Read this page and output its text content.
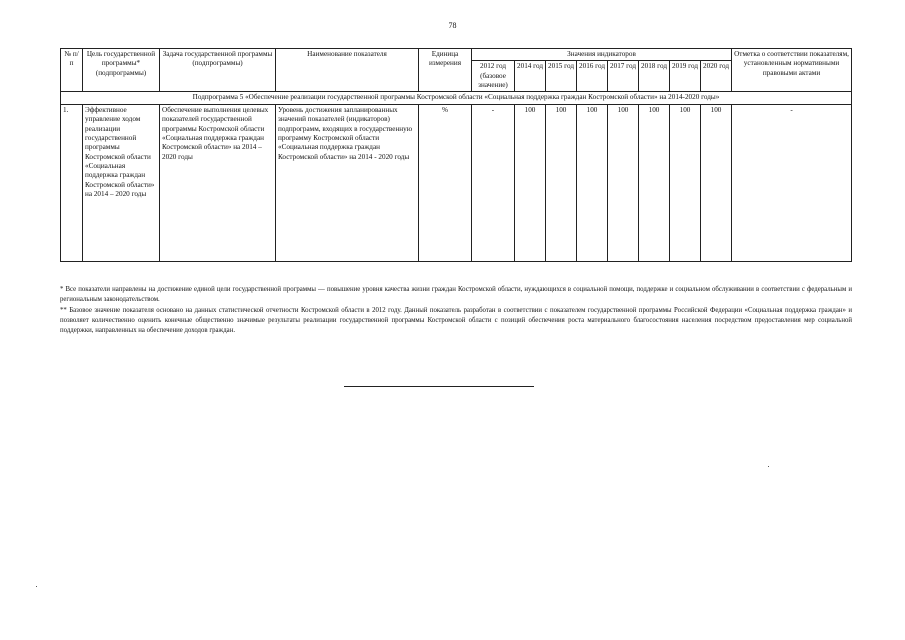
78
№ п/п	Цель государственной программы* (подпрограммы)	Задача государственной программы (подпрограммы)	Наименование показателя	Единица измерения	Значения индикаторов								Отметка о соответствии показателям, установленным нормативными правовыми актами
					2012 год (базовое значение)	2014 год	2015 год	2016 год	2017 год	2018 год	2019 год	2020 год	
Подпрограмма 5 «Обеспечение реализации государственной программы Костромской области «Социальная поддержка граждан Костромской области» на 2014-2020 годы»													
1.	Эффективное управление ходом реализации государственной программы Костромской области «Социальная поддержка граждан Костромской области» на 2014 – 2020 годы	Обеспечение выполнения целевых показателей государственной программы Костромской области «Социальная поддержка граждан Костромской области» на 2014 – 2020 годы	Уровень достижения запланированных значений показателей (индикаторов) подпрограмм, входящих в государственную программу Костромской области «Социальная поддержка граждан Костромской области» на 2014 - 2020 годы	%	-	100	100	100	100	100	100	100	-

* Все показатели направлены на достижение единой цели государственной программы — повышение уровня качества жизни граждан Костромской области, нуждающихся в социальной помощи, поддержке и социальном обслуживании в соответствии с федеральным и региональным законодательством.

** Базовое значение показателя основано на данных статистической отчетности Костромской области в 2012 году. Данный показатель разработан в соответствии с показателем государственной программы Российской Федерации «Социальная поддержка граждан» и позволяет количественно оценить конечные общественно значимые результаты реализации государственной программы Костромской области с позиций обеспечения роста материального благосостояния населения посредством предоставления мер социальной поддержки, направленных на обеспечение доходов граждан.
